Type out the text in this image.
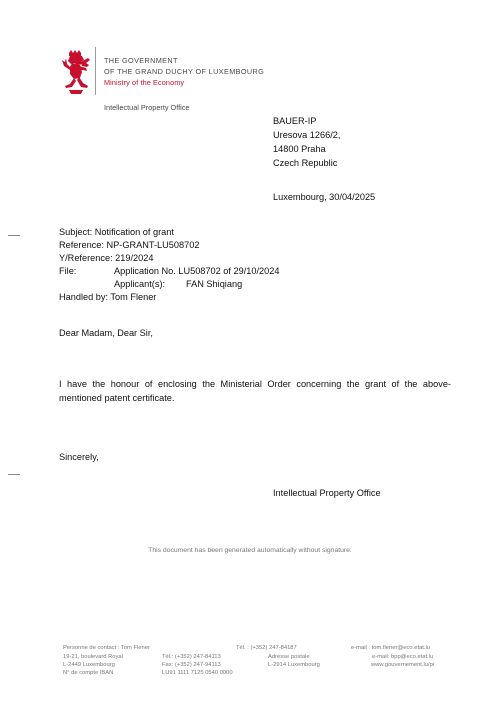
THE GOVERNMENT
OF THE GRAND DUCHY OF LUXEMBOURG
Ministry of the Economy
Intellectual Property Office
BAUER-IP
Uresova 1266/2,
14800 Praha
Czech Republic
Luxembourg, 30/04/2025
Subject: Notification of grant
Reference: NP-GRANT-LU508702
Y/Reference: 219/2024
File:	Application No. LU508702 of 29/10/2024
Applicant(s): FAN Shiqiang
Handled by: Tom Flener
Dear Madam, Dear Sir,
I have the honour of enclosing the Ministerial Order concerning the grant of the above-mentioned patent certificate.
Sincerely,
Intellectual Property Office
This document has been generated automatically without signature.
Personne de contact : Tom Flener	Tél. : (+352) 247-84187	e-mail : tom.flener@eco.etat.lu
19-21, boulevard Royal	Tél.: (+352) 247-84113	Adresse postale	e-mail: bpp@eco.etat.lu
L-2449 Luxembourg	Fax: (+352) 247-94113	L-2914 Luxembourg	www.gouvernement.lu/pi
N° de compte IBAN	LU91 1111 7125 0540 0000
